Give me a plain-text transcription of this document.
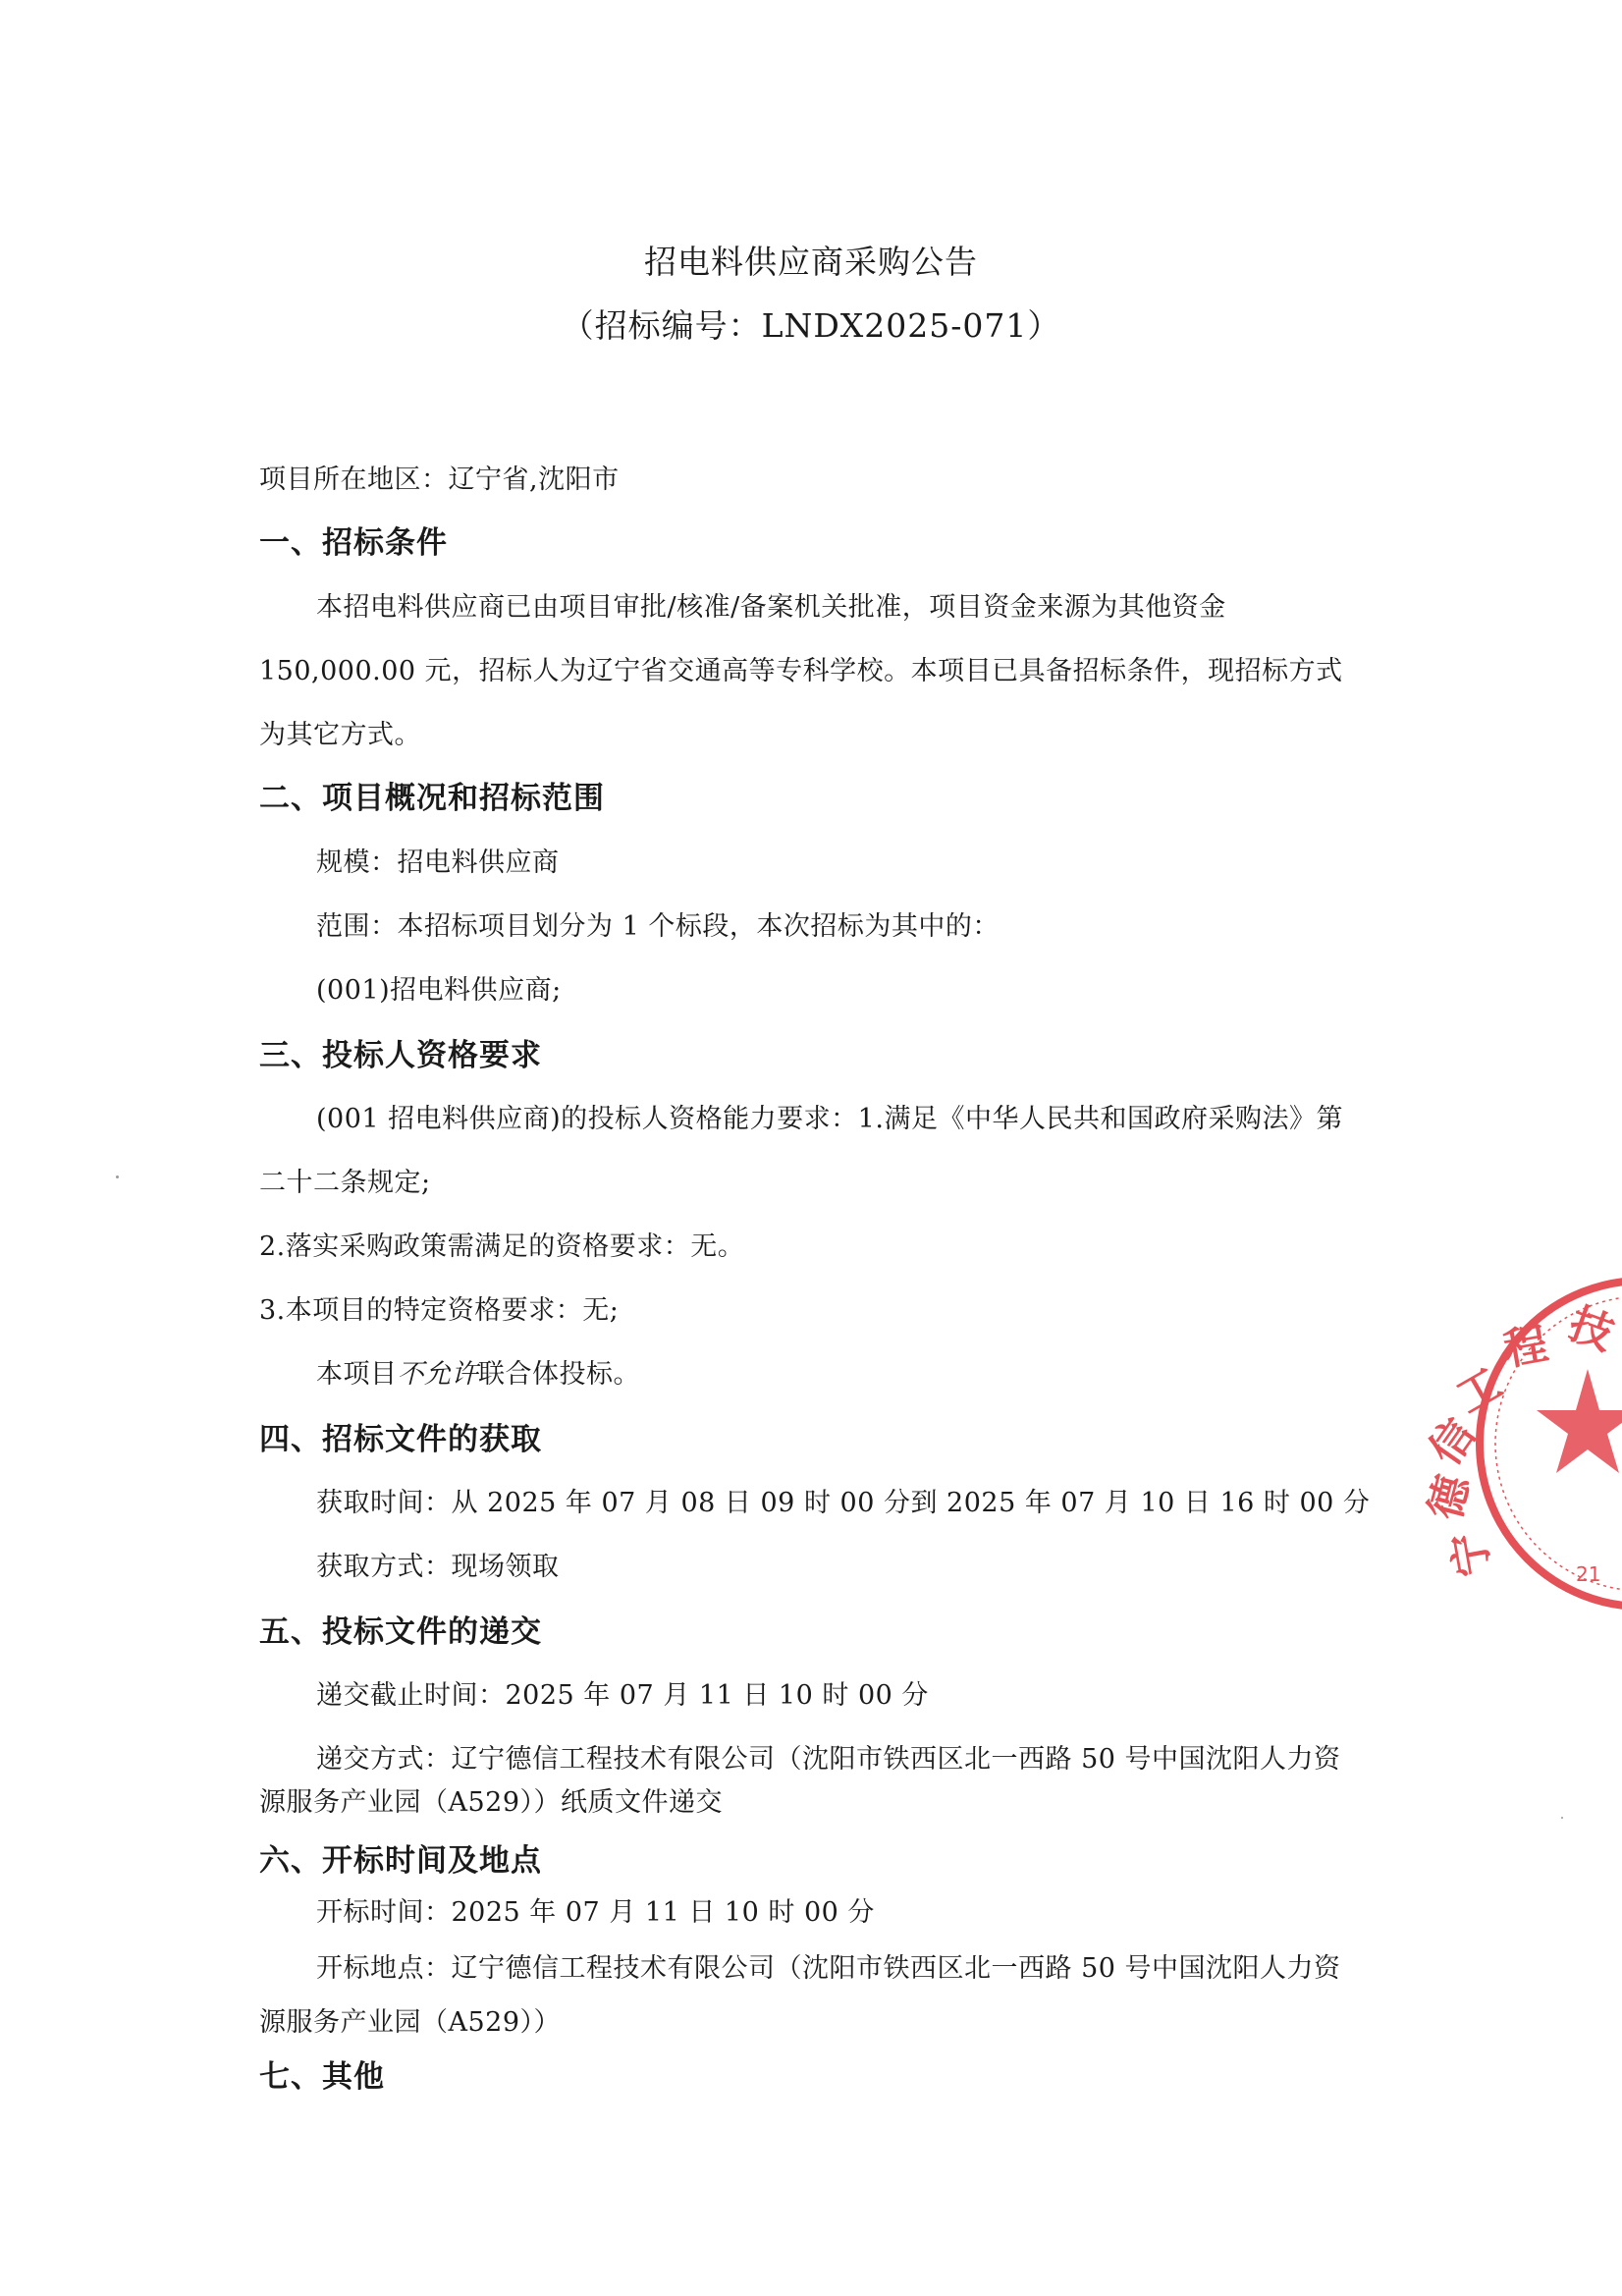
招电料供应商采购公告
（招标编号：LNDX2025-071）
项目所在地区：辽宁省,沈阳市
一、招标条件
本招电料供应商已由项目审批/核准/备案机关批准，项目资金来源为其他资金
150,000.00 元，招标人为辽宁省交通高等专科学校。本项目已具备招标条件，现招标方式
为其它方式。
二、项目概况和招标范围
规模：招电料供应商
范围：本招标项目划分为 1 个标段，本次招标为其中的：
(001)招电料供应商;
三、投标人资格要求
(001 招电料供应商)的投标人资格能力要求：1.满足《中华人民共和国政府采购法》第
二十二条规定;
2.落实采购政策需满足的资格要求：无。
3.本项目的特定资格要求：无;
本项目不允许联合体投标。
四、招标文件的获取
获取时间：从 2025 年 07 月 08 日 09 时 00 分到 2025 年 07 月 10 日 16 时 00 分
获取方式：现场领取
五、投标文件的递交
递交截止时间：2025 年 07 月 11 日 10 时 00 分
递交方式：辽宁德信工程技术有限公司（沈阳市铁西区北一西路 50 号中国沈阳人力资
源服务产业园（A529））纸质文件递交
六、开标时间及地点
开标时间：2025 年 07 月 11 日 10 时 00 分
开标地点：辽宁德信工程技术有限公司（沈阳市铁西区北一西路 50 号中国沈阳人力资
源服务产业园（A529））
七、其他
技
程
工
信
德
宁	21
